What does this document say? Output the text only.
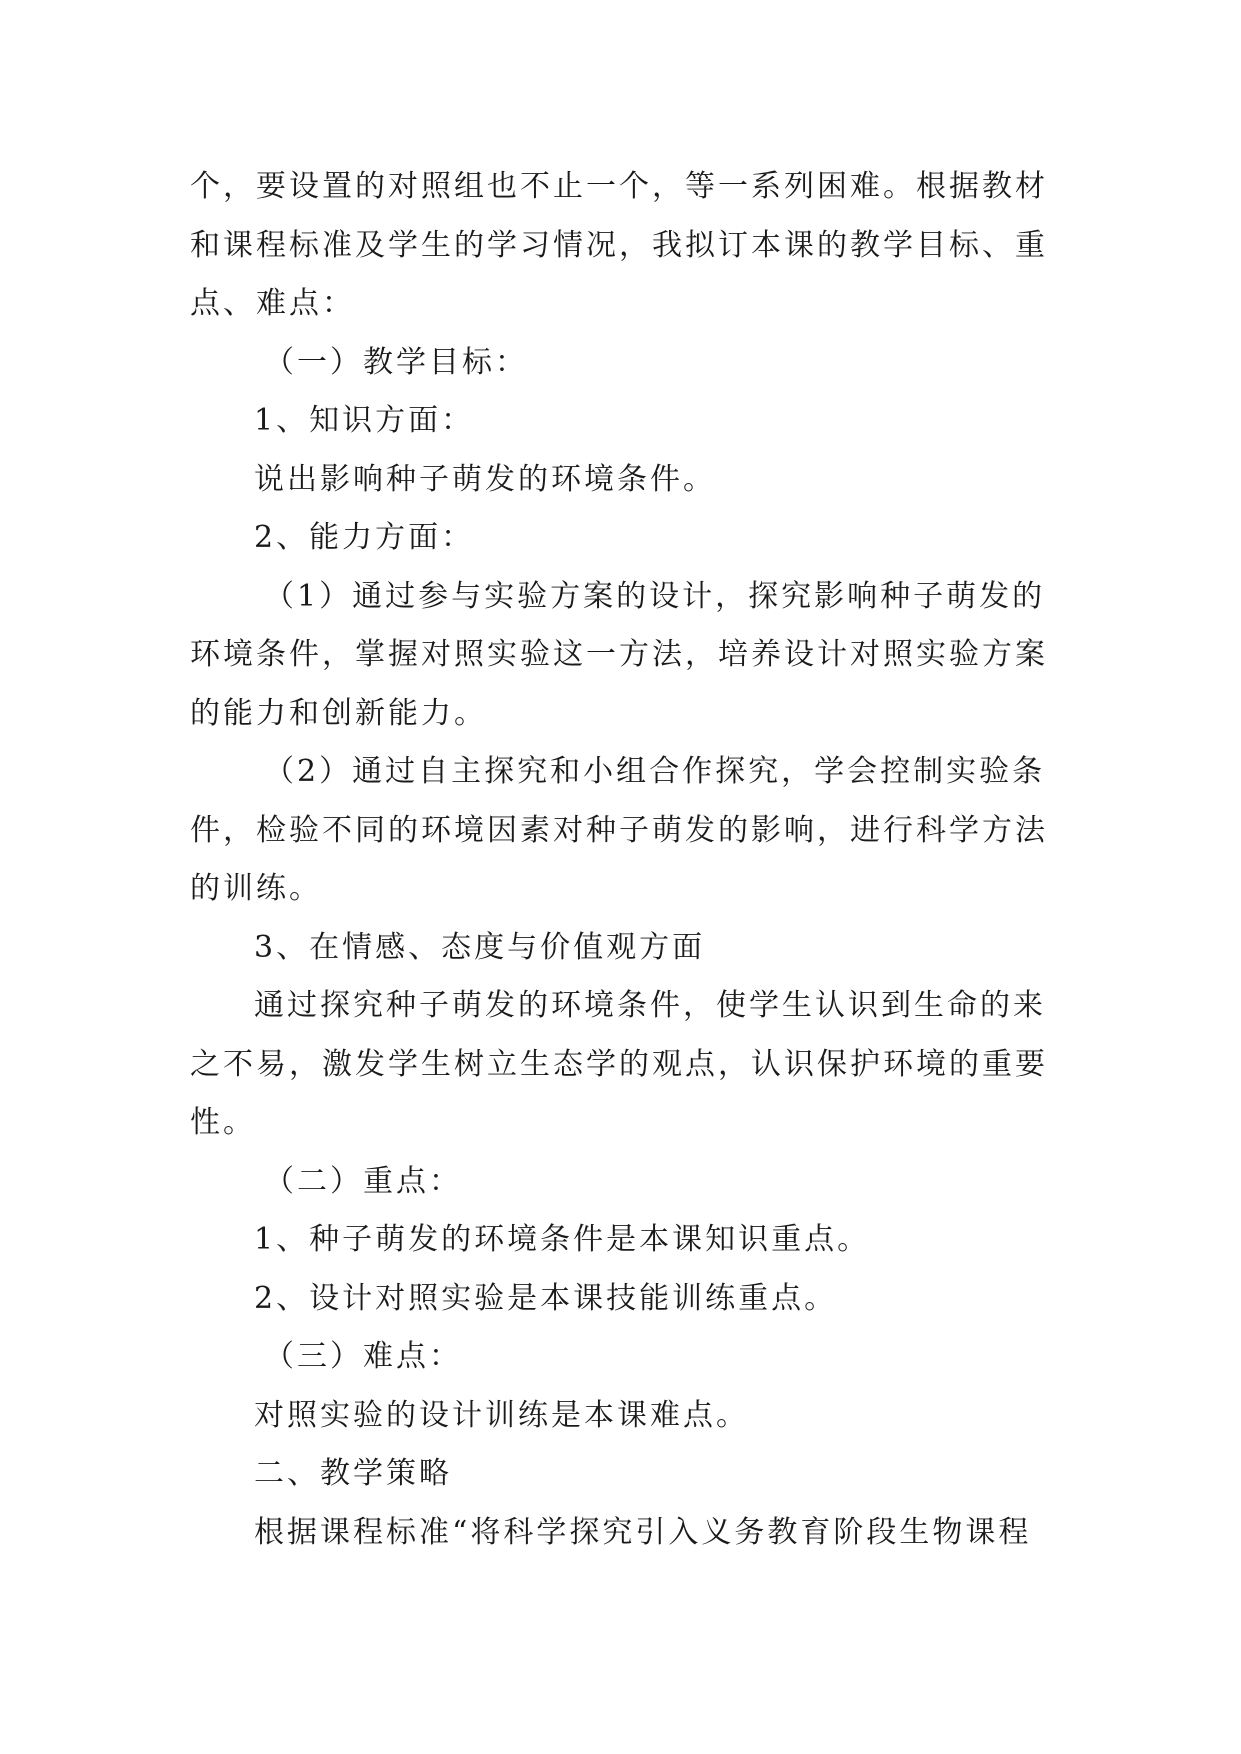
个，要设置的对照组也不止一个，等一系列困难。根据教材
和课程标准及学生的学习情况，我拟订本课的教学目标、重
点、难点：
（一）教学目标：
1、知识方面：
说出影响种子萌发的环境条件。
2、能力方面：
（1）通过参与实验方案的设计，探究影响种子萌发的
环境条件，掌握对照实验这一方法，培养设计对照实验方案
的能力和创新能力。
（2）通过自主探究和小组合作探究，学会控制实验条
件，检验不同的环境因素对种子萌发的影响，进行科学方法
的训练。
3、在情感、态度与价值观方面
通过探究种子萌发的环境条件，使学生认识到生命的来
之不易，激发学生树立生态学的观点，认识保护环境的重要
性。
（二）重点：
1、种子萌发的环境条件是本课知识重点。
2、设计对照实验是本课技能训练重点。
（三）难点：
对照实验的设计训练是本课难点。
二、教学策略
根据课程标准“将科学探究引入义务教育阶段生物课程
